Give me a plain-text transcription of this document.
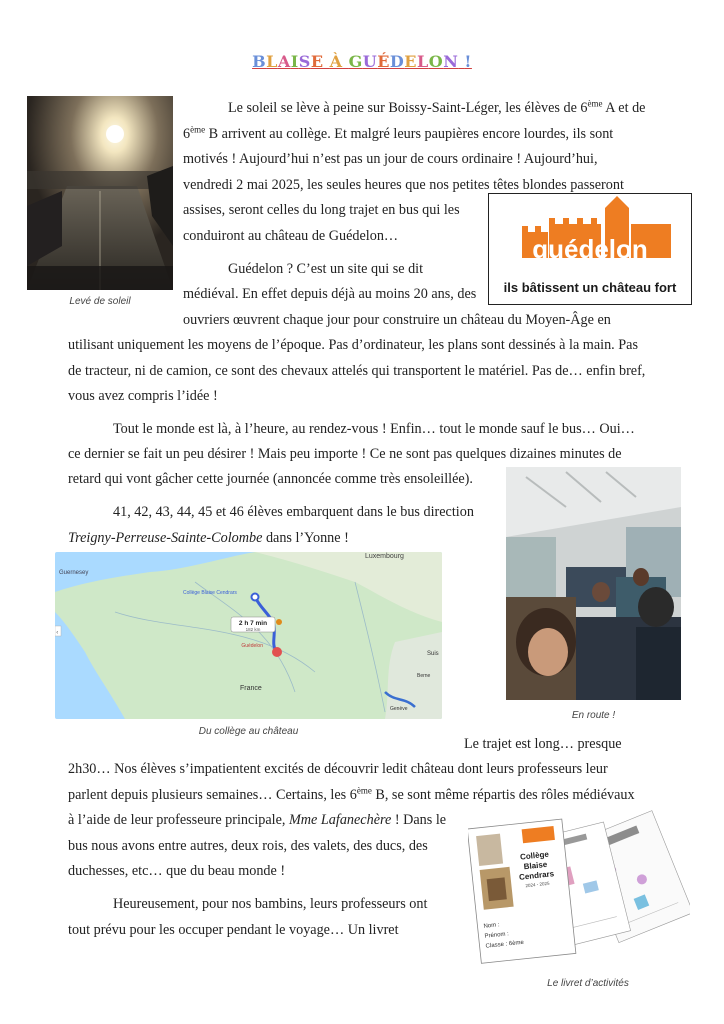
BLAISE À GUÉDELON !
Levé de soleil
guédelon
ils bâtissent un château fort
Le soleil se lève à peine sur Boissy-Saint-Léger, les élèves de 6ème A et de
6ème B arrivent au collège. Et malgré leurs paupières encore lourdes, ils sont
motivés ! Aujourd’hui n’est pas un jour de cours ordinaire ! Aujourd’hui,
vendredi 2 mai 2025, les seules heures que nos petites têtes blondes passeront
assises, seront celles du long trajet en bus qui les
conduiront au château de Guédelon…
Guédelon ? C’est un site qui se dit
médiéval. En effet depuis déjà au moins 20 ans, des
ouvriers œuvrent chaque jour pour construire un château du Moyen-Âge en
utilisant uniquement les moyens de l’époque. Pas d’ordinateur, les plans sont dessinés à la main. Pas
de tracteur, ni de camion, ce sont des chevaux attelés qui transportent le matériel. Pas de… enfin bref,
vous avez compris l’idée !
Tout le monde est là, à l’heure, au rendez-vous ! Enfin… tout le monde sauf le bus… Oui…
ce dernier se fait un peu désirer ! Mais peu importe ! Ce ne sont pas quelques dizaines minutes de
retard qui vont gâcher cette journée (annoncée comme très ensoleillée).
41, 42, 43, 44, 45 et 46 élèves embarquent dans le bus direction
Treigny-Perreuse-Sainte-Colombe dans l’Yonne !
Le trajet est long… presque
2h30… Nos élèves s’impatientent excités de découvrir ledit château dont leurs professeurs leur
parlent depuis plusieurs semaines… Certains, les 6ème B, se sont même répartis des rôles médiévaux
à l’aide de leur professeure principale, Mme Lafanechère ! Dans le
bus nous avons entre autres, deux rois, des valets, des ducs, des
duchesses, etc… que du beau monde !
Heureusement, pour nos bambins, leurs professeurs ont
tout prévu pour les occuper pendant le voyage… Un livret
En route !
2 h 7 min
182 km
Luxembourg
Guernesey
France
Collège Blaise Cendrars
Guédelon
Suis
Berne
Genève
‹
Du collège au château
Collège
Blaise
Cendrars
2024 - 2025
Nom :
Prénom :
Classe : 6ème
Le livret d’activités
